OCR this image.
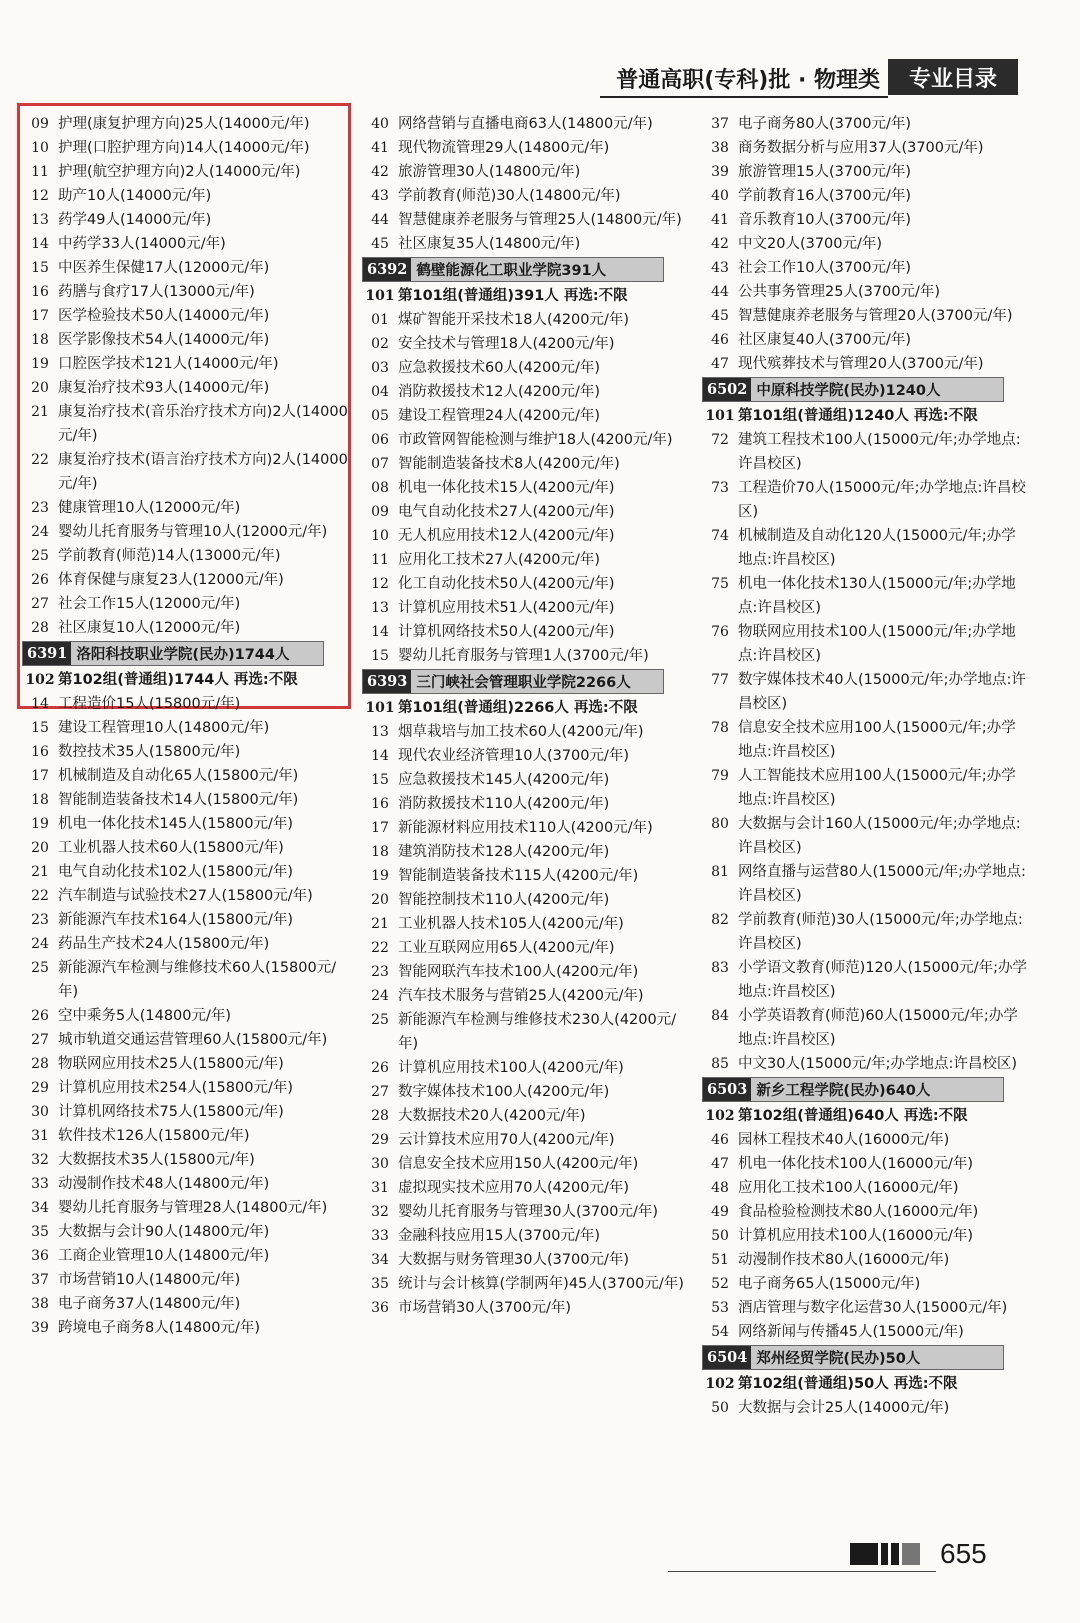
普通高职(专科)批 · 物理类	专业目录
09 护理(康复护理方向)25人(14000元/年)
10 护理(口腔护理方向)14人(14000元/年)
11 护理(航空护理方向)2人(14000元/年)
12 助产10人(14000元/年)
13 药学49人(14000元/年)
14 中药学33人(14000元/年)
15 中医养生保健17人(12000元/年)
16 药膳与食疗17人(13000元/年)
17 医学检验技术50人(14000元/年)
18 医学影像技术54人(14000元/年)
19 口腔医学技术121人(14000元/年)
20 康复治疗技术93人(14000元/年)
21 康复治疗技术(音乐治疗技术方向)2人(14000元/年)
22 康复治疗技术(语言治疗技术方向)2人(14000元/年)
23 健康管理10人(12000元/年)
24 婴幼儿托育服务与管理10人(12000元/年)
25 学前教育(师范)14人(13000元/年)
26 体育保健与康复23人(12000元/年)
27 社会工作15人(12000元/年)
28 社区康复10人(12000元/年)
6391 洛阳科技职业学院(民办)1744人
102 第102组(普通组)1744人 再选:不限
14 工程造价15人(15800元/年)
15 建设工程管理10人(14800元/年)
16 数控技术35人(15800元/年)
17 机械制造及自动化65人(15800元/年)
18 智能制造装备技术14人(15800元/年)
19 机电一体化技术145人(15800元/年)
20 工业机器人技术60人(15800元/年)
21 电气自动化技术102人(15800元/年)
22 汽车制造与试验技术27人(15800元/年)
23 新能源汽车技术164人(15800元/年)
24 药品生产技术24人(15800元/年)
25 新能源汽车检测与维修技术60人(15800元/年)
26 空中乘务5人(14800元/年)
27 城市轨道交通运营管理60人(15800元/年)
28 物联网应用技术25人(15800元/年)
29 计算机应用技术254人(15800元/年)
30 计算机网络技术75人(15800元/年)
31 软件技术126人(15800元/年)
32 大数据技术35人(15800元/年)
33 动漫制作技术48人(14800元/年)
34 婴幼儿托育服务与管理28人(14800元/年)
35 大数据与会计90人(14800元/年)
36 工商企业管理10人(14800元/年)
37 市场营销10人(14800元/年)
38 电子商务37人(14800元/年)
39 跨境电子商务8人(14800元/年)
40 网络营销与直播电商63人(14800元/年)
41 现代物流管理29人(14800元/年)
42 旅游管理30人(14800元/年)
43 学前教育(师范)30人(14800元/年)
44 智慧健康养老服务与管理25人(14800元/年)
45 社区康复35人(14800元/年)
6392 鹤壁能源化工职业学院391人
101 第101组(普通组)391人 再选:不限
01 煤矿智能开采技术18人(4200元/年)
02 安全技术与管理18人(4200元/年)
03 应急救援技术60人(4200元/年)
04 消防救援技术12人(4200元/年)
05 建设工程管理24人(4200元/年)
06 市政管网智能检测与维护18人(4200元/年)
07 智能制造装备技术8人(4200元/年)
08 机电一体化技术15人(4200元/年)
09 电气自动化技术27人(4200元/年)
10 无人机应用技术12人(4200元/年)
11 应用化工技术27人(4200元/年)
12 化工自动化技术50人(4200元/年)
13 计算机应用技术51人(4200元/年)
14 计算机网络技术50人(4200元/年)
15 婴幼儿托育服务与管理1人(3700元/年)
6393 三门峡社会管理职业学院2266人
101 第101组(普通组)2266人 再选:不限
13 烟草栽培与加工技术60人(4200元/年)
14 现代农业经济管理10人(3700元/年)
15 应急救援技术145人(4200元/年)
16 消防救援技术110人(4200元/年)
17 新能源材料应用技术110人(4200元/年)
18 建筑消防技术128人(4200元/年)
19 智能制造装备技术115人(4200元/年)
20 智能控制技术110人(4200元/年)
21 工业机器人技术105人(4200元/年)
22 工业互联网应用65人(4200元/年)
23 智能网联汽车技术100人(4200元/年)
24 汽车技术服务与营销25人(4200元/年)
25 新能源汽车检测与维修技术230人(4200元/年)
26 计算机应用技术100人(4200元/年)
27 数字媒体技术100人(4200元/年)
28 大数据技术20人(4200元/年)
29 云计算技术应用70人(4200元/年)
30 信息安全技术应用150人(4200元/年)
31 虚拟现实技术应用70人(4200元/年)
32 婴幼儿托育服务与管理30人(3700元/年)
33 金融科技应用15人(3700元/年)
34 大数据与财务管理30人(3700元/年)
35 统计与会计核算(学制两年)45人(3700元/年)
36 市场营销30人(3700元/年)
37 电子商务80人(3700元/年)
38 商务数据分析与应用37人(3700元/年)
39 旅游管理15人(3700元/年)
40 学前教育16人(3700元/年)
41 音乐教育10人(3700元/年)
42 中文20人(3700元/年)
43 社会工作10人(3700元/年)
44 公共事务管理25人(3700元/年)
45 智慧健康养老服务与管理20人(3700元/年)
46 社区康复40人(3700元/年)
47 现代殡葬技术与管理20人(3700元/年)
6502 中原科技学院(民办)1240人
101 第101组(普通组)1240人 再选:不限
72 建筑工程技术100人(15000元/年;办学地点:许昌校区)
73 工程造价70人(15000元/年;办学地点:许昌校区)
74 机械制造及自动化120人(15000元/年;办学地点:许昌校区)
75 机电一体化技术130人(15000元/年;办学地点:许昌校区)
76 物联网应用技术100人(15000元/年;办学地点:许昌校区)
77 数字媒体技术40人(15000元/年;办学地点:许昌校区)
78 信息安全技术应用100人(15000元/年;办学地点:许昌校区)
79 人工智能技术应用100人(15000元/年;办学地点:许昌校区)
80 大数据与会计160人(15000元/年;办学地点:许昌校区)
81 网络直播与运营80人(15000元/年;办学地点:许昌校区)
82 学前教育(师范)30人(15000元/年;办学地点:许昌校区)
83 小学语文教育(师范)120人(15000元/年;办学地点:许昌校区)
84 小学英语教育(师范)60人(15000元/年;办学地点:许昌校区)
85 中文30人(15000元/年;办学地点:许昌校区)
6503 新乡工程学院(民办)640人
102 第102组(普通组)640人 再选:不限
46 园林工程技术40人(16000元/年)
47 机电一体化技术100人(16000元/年)
48 应用化工技术100人(16000元/年)
49 食品检验检测技术80人(16000元/年)
50 计算机应用技术100人(16000元/年)
51 动漫制作技术80人(16000元/年)
52 电子商务65人(15000元/年)
53 酒店管理与数字化运营30人(15000元/年)
54 网络新闻与传播45人(15000元/年)
6504 郑州经贸学院(民办)50人
102 第102组(普通组)50人 再选:不限
50 大数据与会计25人(14000元/年)
655
